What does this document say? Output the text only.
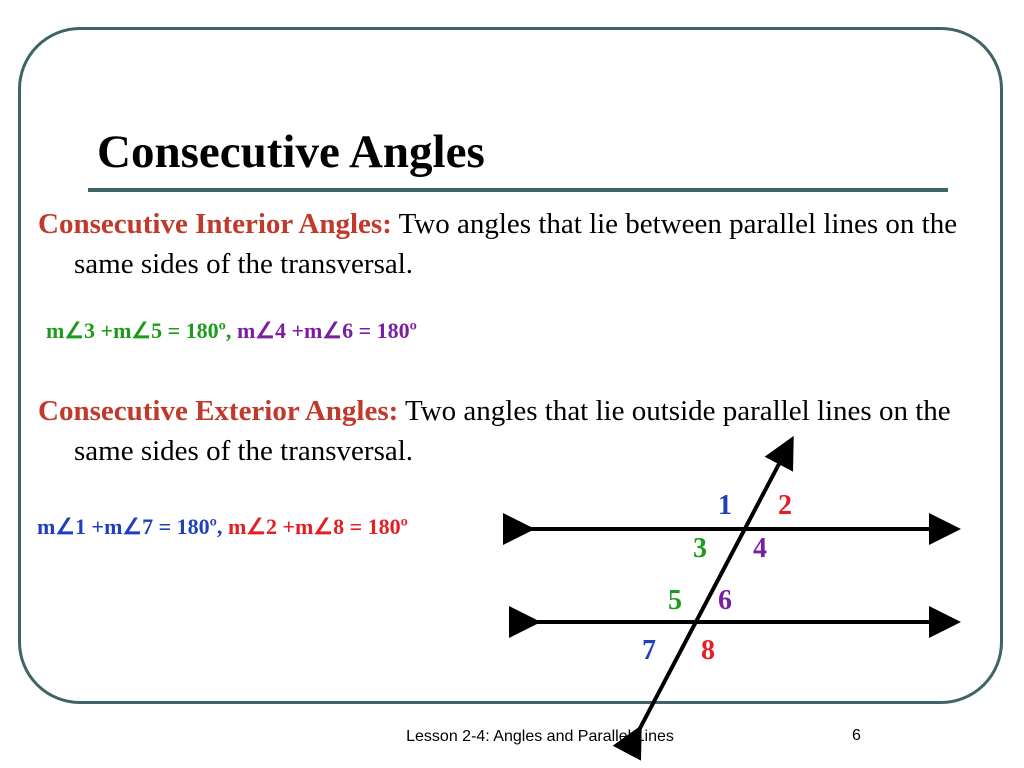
Consecutive Angles

Consecutive Interior Angles: Two angles that lie between parallel lines on the same sides of the transversal.

m∠3 +m∠5 = 180º, m∠4 +m∠6 = 180º

Consecutive Exterior Angles: Two angles that lie outside parallel lines on the same sides of the transversal.

m∠1 +m∠7 = 180º, m∠2 +m∠8 = 180º

1 2
3 4
5 6
7 8

Lesson 2-4: Angles and Parallel Lines	6
